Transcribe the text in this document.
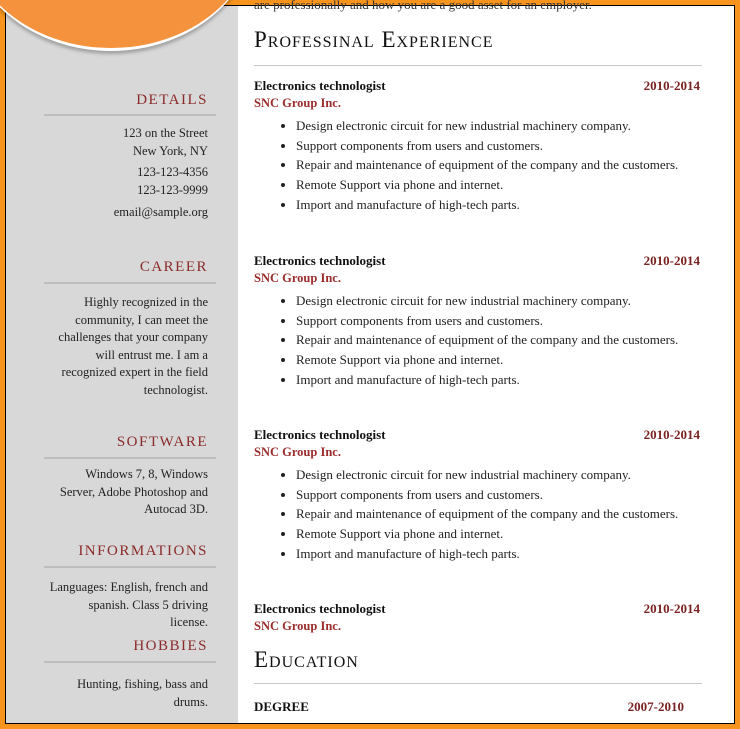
DETAILS
123 on the Street
New York, NY
123-123-4356
123-123-9999
email@sample.org
CAREER
Highly recognized in the community, I can meet the challenges that your company will entrust me. I am a recognized expert in the field technologist.
SOFTWARE
Windows 7, 8, Windows Server, Adobe Photoshop and Autocad 3D.
INFORMATIONS
Languages: English, french and spanish. Class 5 driving license.
HOBBIES
Hunting, fishing, bass and drums.
are professionally and how you are a good asset for an employer.
Professinal Experience
Electronics technologist	2010-2014
SNC Group Inc.
• Design electronic circuit for new industrial machinery company.
• Support components from users and customers.
• Repair and maintenance of equipment of the company and the customers.
• Remote Support via phone and internet.
• Import and manufacture of high-tech parts.
Electronics technologist	2010-2014
SNC Group Inc.
• Design electronic circuit for new industrial machinery company.
• Support components from users and customers.
• Repair and maintenance of equipment of the company and the customers.
• Remote Support via phone and internet.
• Import and manufacture of high-tech parts.
Electronics technologist	2010-2014
SNC Group Inc.
• Design electronic circuit for new industrial machinery company.
• Support components from users and customers.
• Repair and maintenance of equipment of the company and the customers.
• Remote Support via phone and internet.
• Import and manufacture of high-tech parts.
Electronics technologist	2010-2014
SNC Group Inc.
Education
DEGREE	2007-2010
